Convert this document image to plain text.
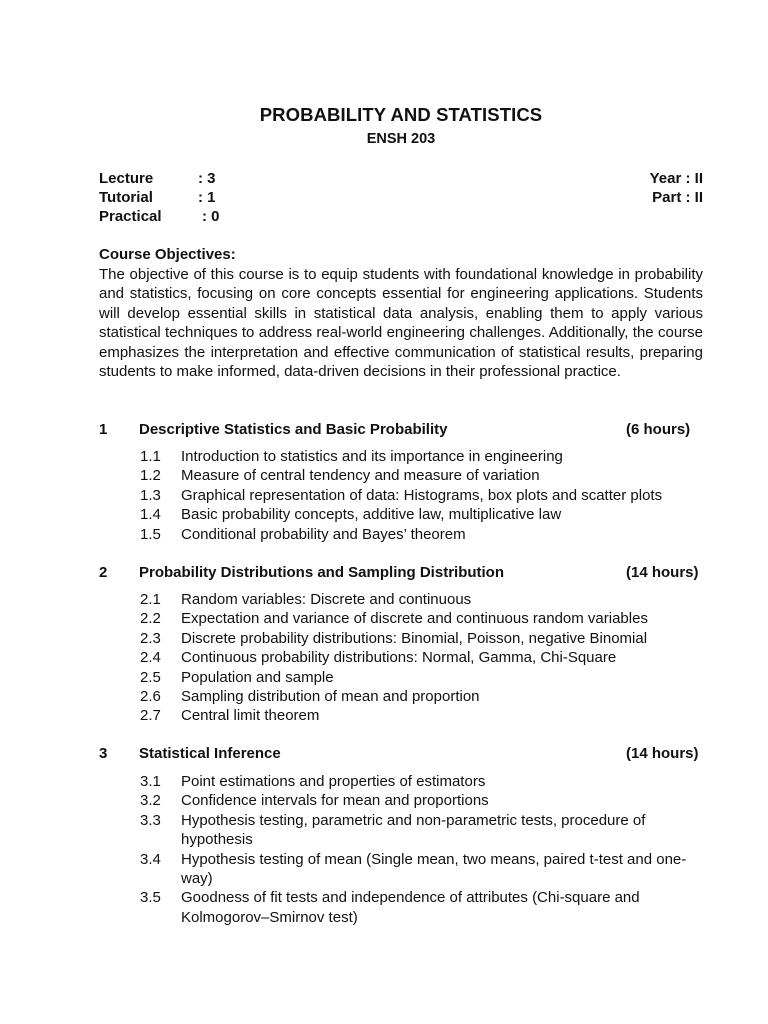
PROBABILITY AND STATISTICS
ENSH 203
Lecture	: 3	Year : II
Tutorial	: 1	Part : II
Practical	: 0
Course Objectives:

The objective of this course is to equip students with foundational knowledge in probability and statistics, focusing on core concepts essential for engineering applications. Students will develop essential skills in statistical data analysis, enabling them to apply various statistical techniques to address real-world engineering challenges. Additionally, the course emphasizes the interpretation and effective communication of statistical results, preparing students to make informed, data-driven decisions in their professional practice.

1 Descriptive Statistics and Basic Probability	(6 hours)
1.1 Introduction to statistics and its importance in engineering
1.2 Measure of central tendency and measure of variation
1.3 Graphical representation of data: Histograms, box plots and scatter plots
1.4 Basic probability concepts, additive law, multiplicative law
1.5 Conditional probability and Bayes’ theorem
2 Probability Distributions and Sampling Distribution	(14 hours)
2.1 Random variables: Discrete and continuous
2.2 Expectation and variance of discrete and continuous random variables
2.3 Discrete probability distributions: Binomial, Poisson, negative Binomial
2.4 Continuous probability distributions: Normal, Gamma, Chi-Square
2.5 Population and sample
2.6 Sampling distribution of mean and proportion
2.7 Central limit theorem
3 Statistical Inference	(14 hours)
3.1 Point estimations and properties of estimators
3.2 Confidence intervals for mean and proportions
3.3 Hypothesis testing, parametric and non-parametric tests, procedure of hypothesis
3.4 Hypothesis testing of mean (Single mean, two means, paired t-test and one-way)
3.5 Goodness of fit tests and independence of attributes (Chi-square and Kolmogorov–Smirnov test)
